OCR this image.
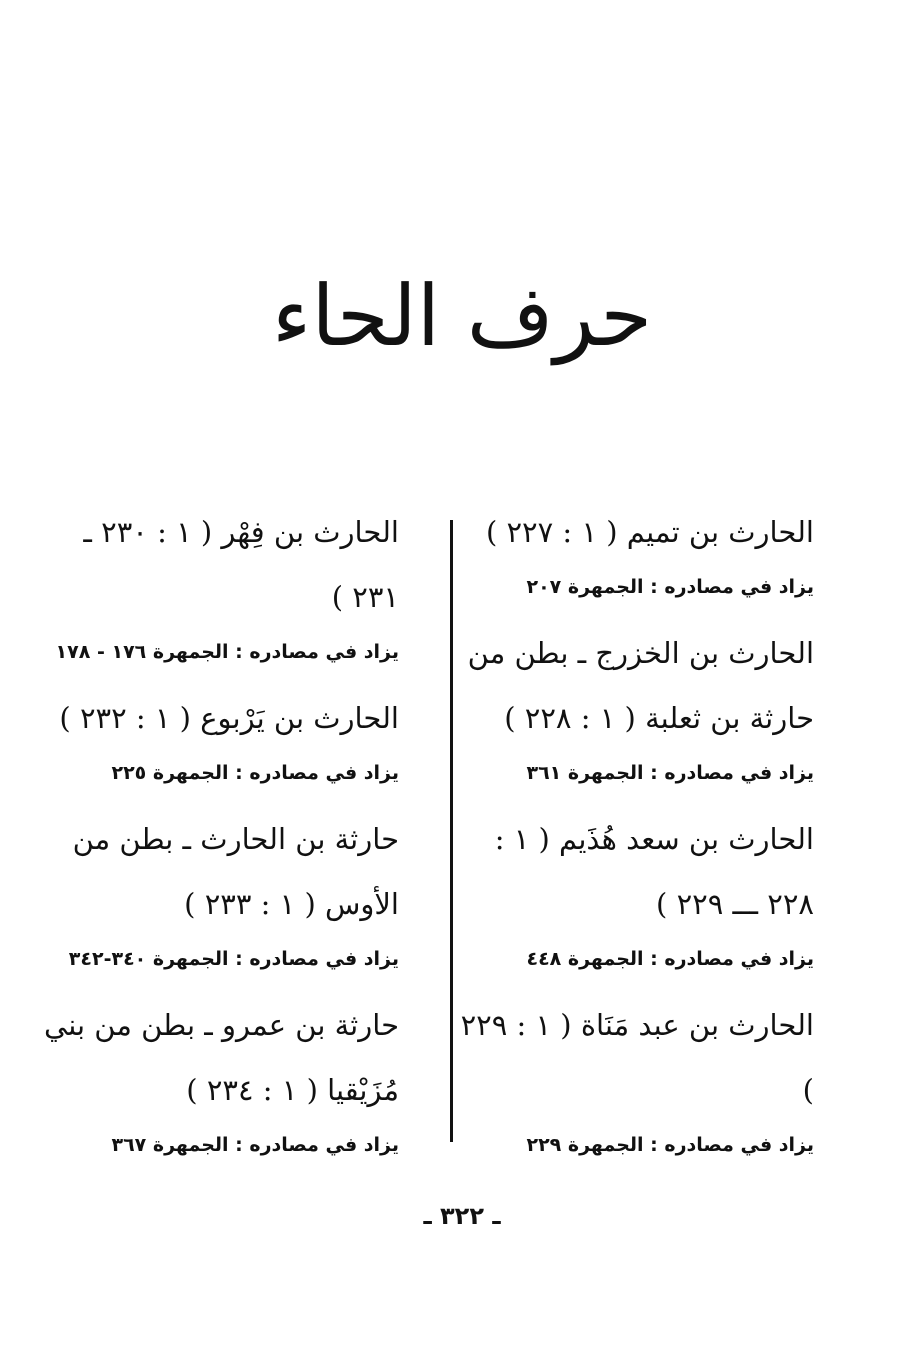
حرف الحاء

الحارث بن تميم ( ١ : ٢٢٧ )

يزاد في مصادره : الجمهرة ٢٠٧

الحارث بن الخزرج ـ بطن من حارثة بن ثعلبة ( ١ : ٢٢٨ )

يزاد في مصادره : الجمهرة ٣٦١

الحارث بن سعد هُذَيم ( ١ : ٢٢٨ ـــ ٢٢٩ )

يزاد في مصادره : الجمهرة ٤٤٨

الحارث بن عبد مَنَاة ( ١ : ٢٢٩ )

يزاد في مصادره : الجمهرة ٢٢٩

الحارث بن فِهْر ( ١ : ٢٣٠ ـ ٢٣١ )

يزاد في مصادره : الجمهرة ١٧٦ - ١٧٨

الحارث بن يَرْبوع ( ١ : ٢٣٢ )

يزاد في مصادره : الجمهرة ٢٢٥

حارثة بن الحارث ـ بطن من الأوس ( ١ : ٢٣٣ )

يزاد في مصادره : الجمهرة ٣٤٠-٣٤٢

حارثة بن عمرو ـ بطن من بني مُزَيْقيا ( ١ : ٢٣٤ )

يزاد في مصادره : الجمهرة ٣٦٧

ـ ٣٢٢ ـ
